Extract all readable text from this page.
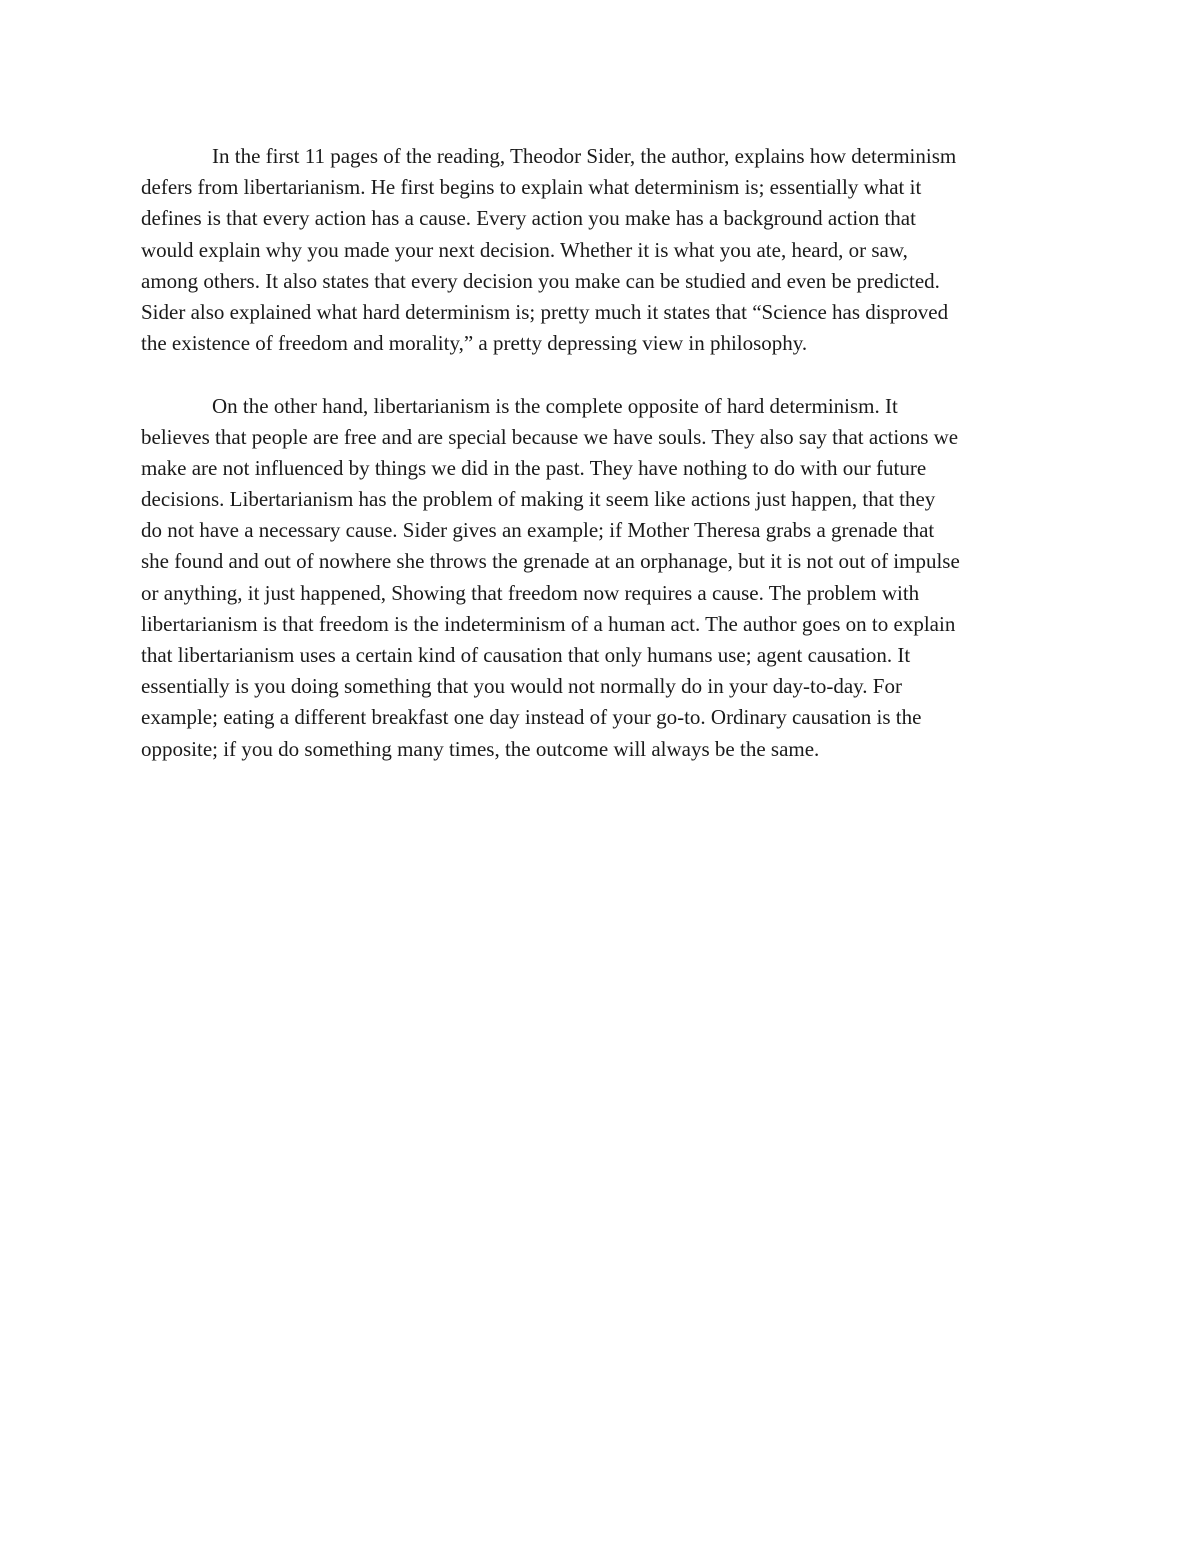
In the first 11 pages of the reading, Theodor Sider, the author, explains how determinism
defers from libertarianism. He first begins to explain what determinism is; essentially what it
defines is that every action has a cause. Every action you make has a background action that
would explain why you made your next decision. Whether it is what you ate, heard, or saw,
among others. It also states that every decision you make can be studied and even be predicted.
Sider also explained what hard determinism is; pretty much it states that “Science has disproved
the existence of freedom and morality,” a pretty depressing view in philosophy.
On the other hand, libertarianism is the complete opposite of hard determinism. It
believes that people are free and are special because we have souls. They also say that actions we
make are not influenced by things we did in the past. They have nothing to do with our future
decisions. Libertarianism has the problem of making it seem like actions just happen, that they
do not have a necessary cause. Sider gives an example; if Mother Theresa grabs a grenade that
she found and out of nowhere she throws the grenade at an orphanage, but it is not out of impulse
or anything, it just happened, Showing that freedom now requires a cause. The problem with
libertarianism is that freedom is the indeterminism of a human act. The author goes on to explain
that libertarianism uses a certain kind of causation that only humans use; agent causation. It
essentially is you doing something that you would not normally do in your day-to-day. For
example; eating a different breakfast one day instead of your go-to. Ordinary causation is the
opposite; if you do something many times, the outcome will always be the same.
